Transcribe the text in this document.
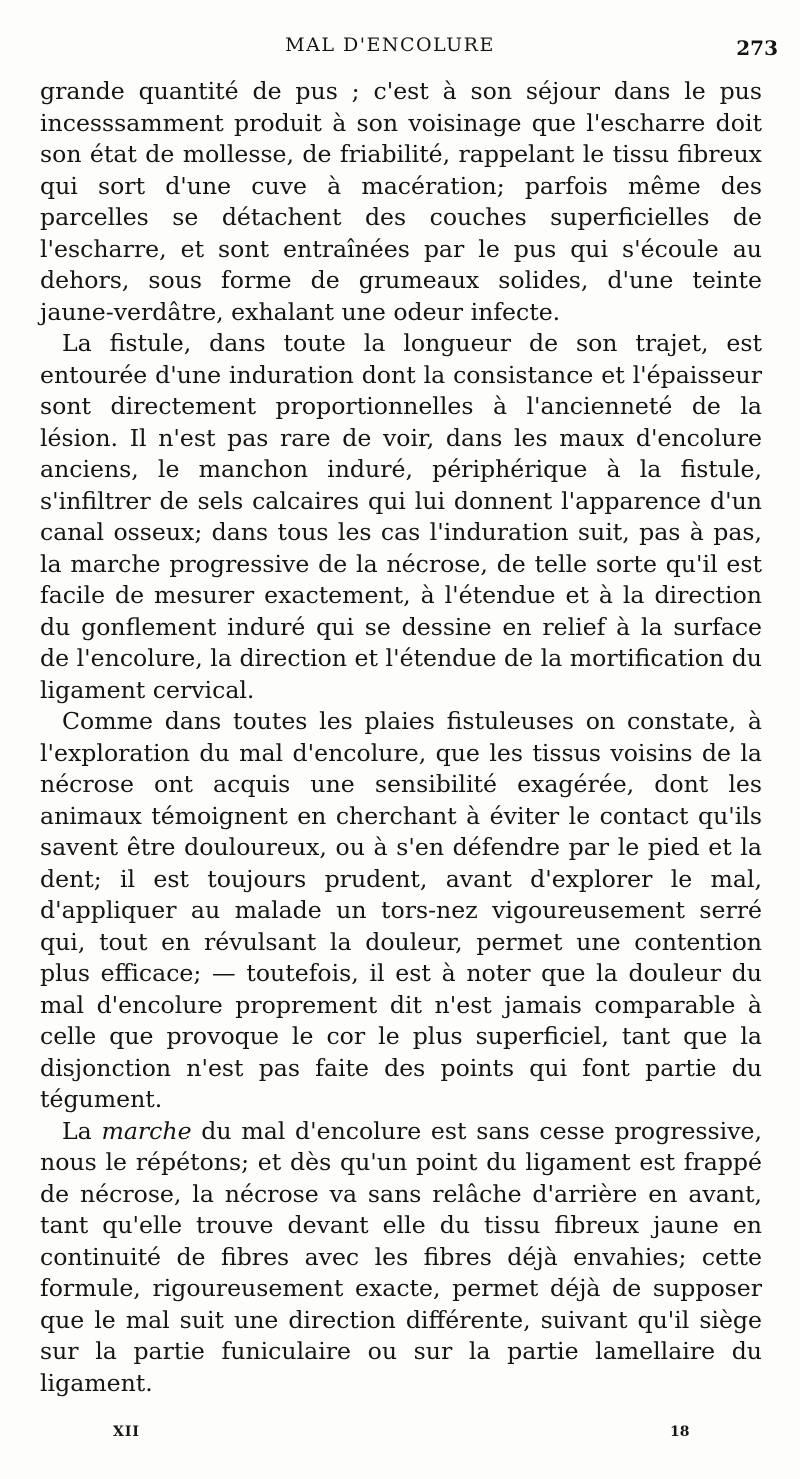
MAL D'ENCOLURE	273

grande quantité de pus ; c'est à son séjour dans le pus incesssamment produit à son voisinage que l'escharre doit son état de mollesse, de friabilité, rappelant le tissu fibreux qui sort d'une cuve à macération; parfois même des parcelles se détachent des couches superficielles de l'escharre, et sont entraînées par le pus qui s'écoule au dehors, sous forme de grumeaux solides, d'une teinte jaune-verdâtre, exhalant une odeur infecte.

La fistule, dans toute la longueur de son trajet, est entourée d'une induration dont la consistance et l'épaisseur sont directement proportionnelles à l'ancienneté de la lésion. Il n'est pas rare de voir, dans les maux d'encolure anciens, le manchon induré, périphérique à la fistule, s'infiltrer de sels calcaires qui lui donnent l'apparence d'un canal osseux; dans tous les cas l'induration suit, pas à pas, la marche progressive de la nécrose, de telle sorte qu'il est facile de mesurer exactement, à l'étendue et à la direction du gonflement induré qui se dessine en relief à la surface de l'encolure, la direction et l'étendue de la mortification du ligament cervical.

Comme dans toutes les plaies fistuleuses on constate, à l'exploration du mal d'encolure, que les tissus voisins de la nécrose ont acquis une sensibilité exagérée, dont les animaux témoignent en cherchant à éviter le contact qu'ils savent être douloureux, ou à s'en défendre par le pied et la dent; il est toujours prudent, avant d'explorer le mal, d'appliquer au malade un tors-nez vigoureusement serré qui, tout en révulsant la douleur, permet une contention plus efficace; — toutefois, il est à noter que la douleur du mal d'encolure proprement dit n'est jamais comparable à celle que provoque le cor le plus superficiel, tant que la disjonction n'est pas faite des points qui font partie du tégument.

La marche du mal d'encolure est sans cesse progressive, nous le répétons; et dès qu'un point du ligament est frappé de nécrose, la nécrose va sans relâche d'arrière en avant, tant qu'elle trouve devant elle du tissu fibreux jaune en continuité de fibres avec les fibres déjà envahies; cette formule, rigoureusement exacte, permet déjà de supposer que le mal suit une direction différente, suivant qu'il siège sur la partie funiculaire ou sur la partie lamellaire du ligament.

XII	18
